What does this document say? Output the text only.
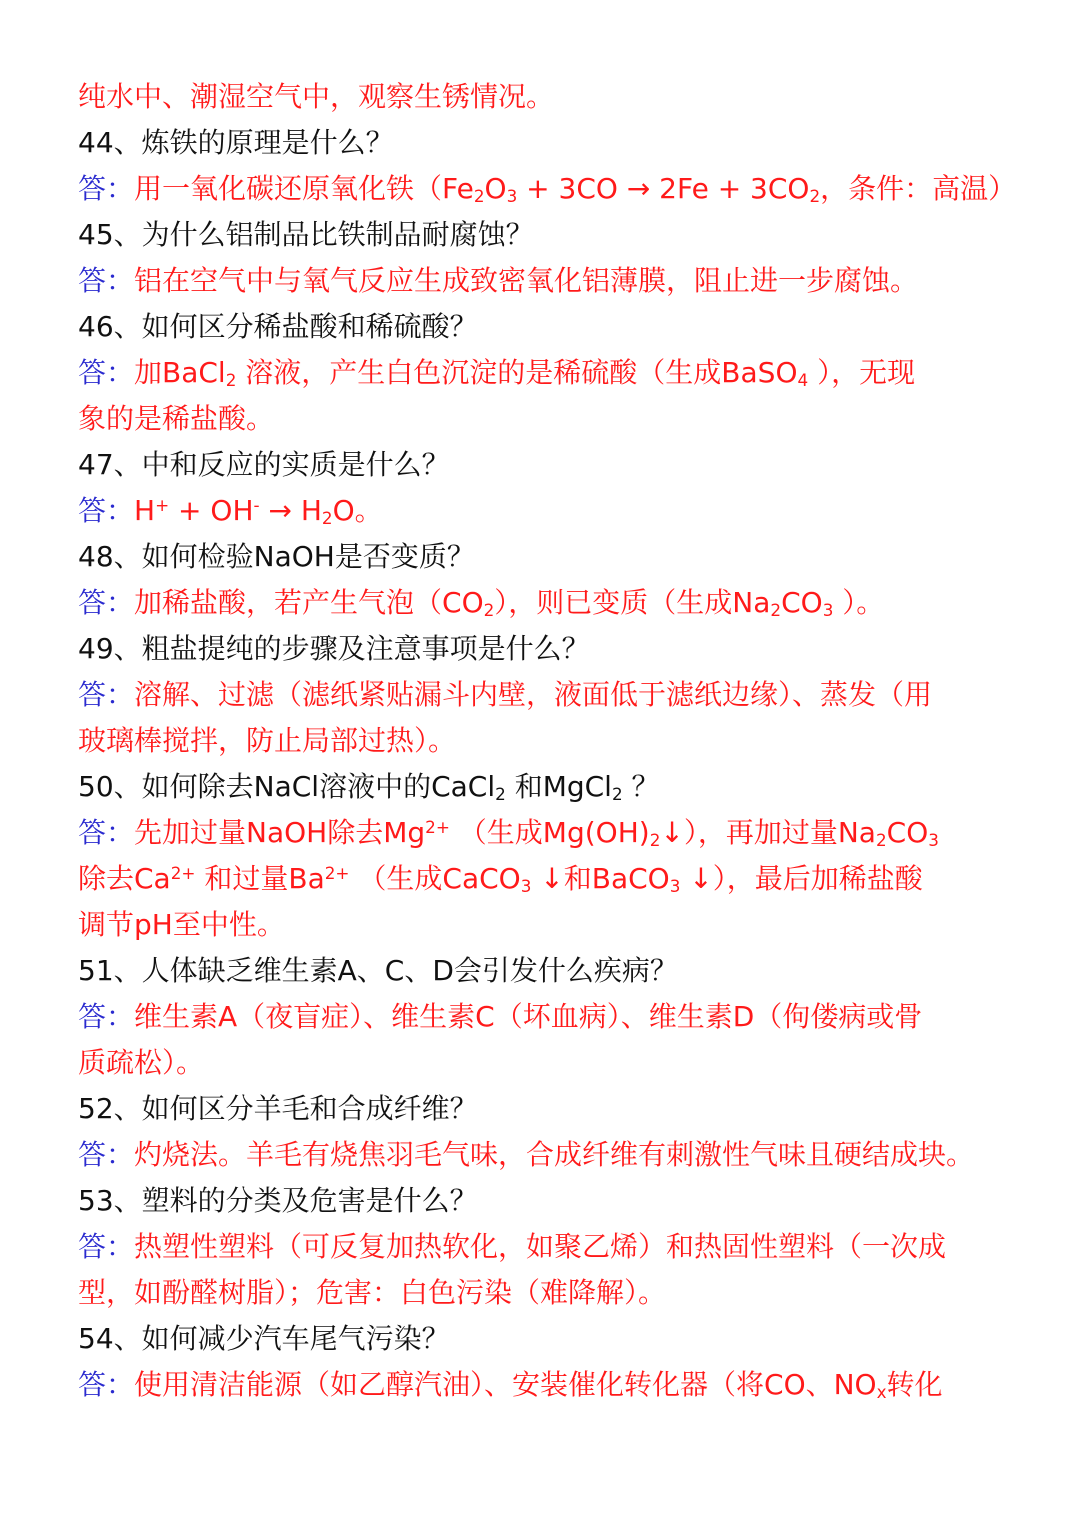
纯水中、潮湿空气中，观察生锈情况。
44、炼铁的原理是什么？
答：用一氧化碳还原氧化铁（$Fe_2O_3 + 3CO \to 2Fe + 3CO_2$，条件：高温）
45、为什么铝制品比铁制品耐腐蚀？
答：铝在空气中与氧气反应生成致密氧化铝薄膜，阻止进一步腐蚀。
46、如何区分稀盐酸和稀硫酸？
答：加BaCl$_2$ 溶液，产生白色沉淀的是稀硫酸（生成BaSO$_4$ ），无现
象的是稀盐酸。
47、中和反应的实质是什么？
答：$H^+ + OH^- \to H_2O$。
48、如何检验NaOH是否变质？
答：加稀盐酸，若产生气泡$(CO_2)$，则已变质（生成$Na_2CO_3$ ）。
49、粗盐提纯的步骤及注意事项是什么？
答：溶解、过滤（滤纸紧贴漏斗内壁，液面低于滤纸边缘）、蒸发（用
玻璃棒搅拌，防止局部过热）。
50、如何除去NaCl溶液中的CaCl$_2$ 和MgCl$_2$ ？
答：先加过量NaOH除去$Mg^{2+}$ （生成$Mg(OH)_2↓$），再加过量$Na_2CO_3$
除去$Ca^{2+}$ 和过量$Ba^{2+}$ （生成CaCO$_3$ ↓和BaCO$_3$ ↓），最后加稀盐酸
调节pH至中性。
51、人体缺乏维生素A、C、D会引发什么疾病？
答：维生素A（夜盲症）、维生素C（坏血病）、维生素D（佝偻病或骨
质疏松）。
52、如何区分羊毛和合成纤维？
答：灼烧法。羊毛有烧焦羽毛气味，合成纤维有刺激性气味且硬结成块。
53、塑料的分类及危害是什么？
答：热塑性塑料（可反复加热软化，如聚乙烯）和热固性塑料（一次成
型，如酚醛树脂）；危害：白色污染（难降解）。
54、如何减少汽车尾气污染？
答：使用清洁能源（如乙醇汽油）、安装催化转化器（将CO、$NO_x$转化
